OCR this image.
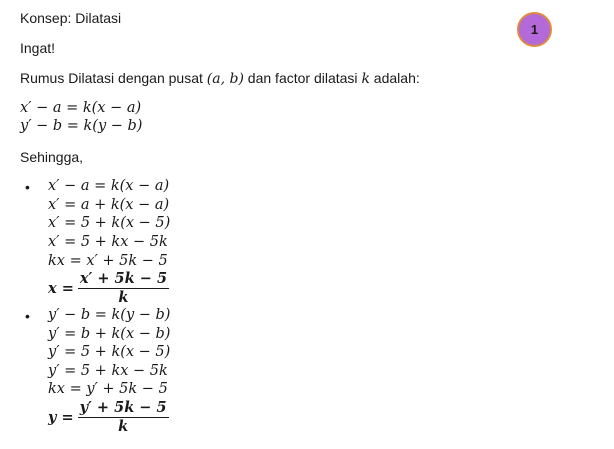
Konsep: Dilatasi
1
Ingat!
Rumus Dilatasi dengan pusat (a, b) dan factor dilatasi k adalah:
x′ − a = k(x − a)
y′ − b = k(y − b)
Sehingga,
• x′ − a = k(x − a)
x′ = a + k(x − a)
x′ = 5 + k(x − 5)
x′ = 5 + kx − 5k
kx = x′ + 5k − 5
$x = \frac{x' + 5k - 5}{k}$
• y′ − b = k(y − b)
y′ = b + k(x − b)
y′ = 5 + k(x − 5)
y′ = 5 + kx − 5k
kx = y′ + 5k − 5
$y = \frac{y' + 5k - 5}{k}$
